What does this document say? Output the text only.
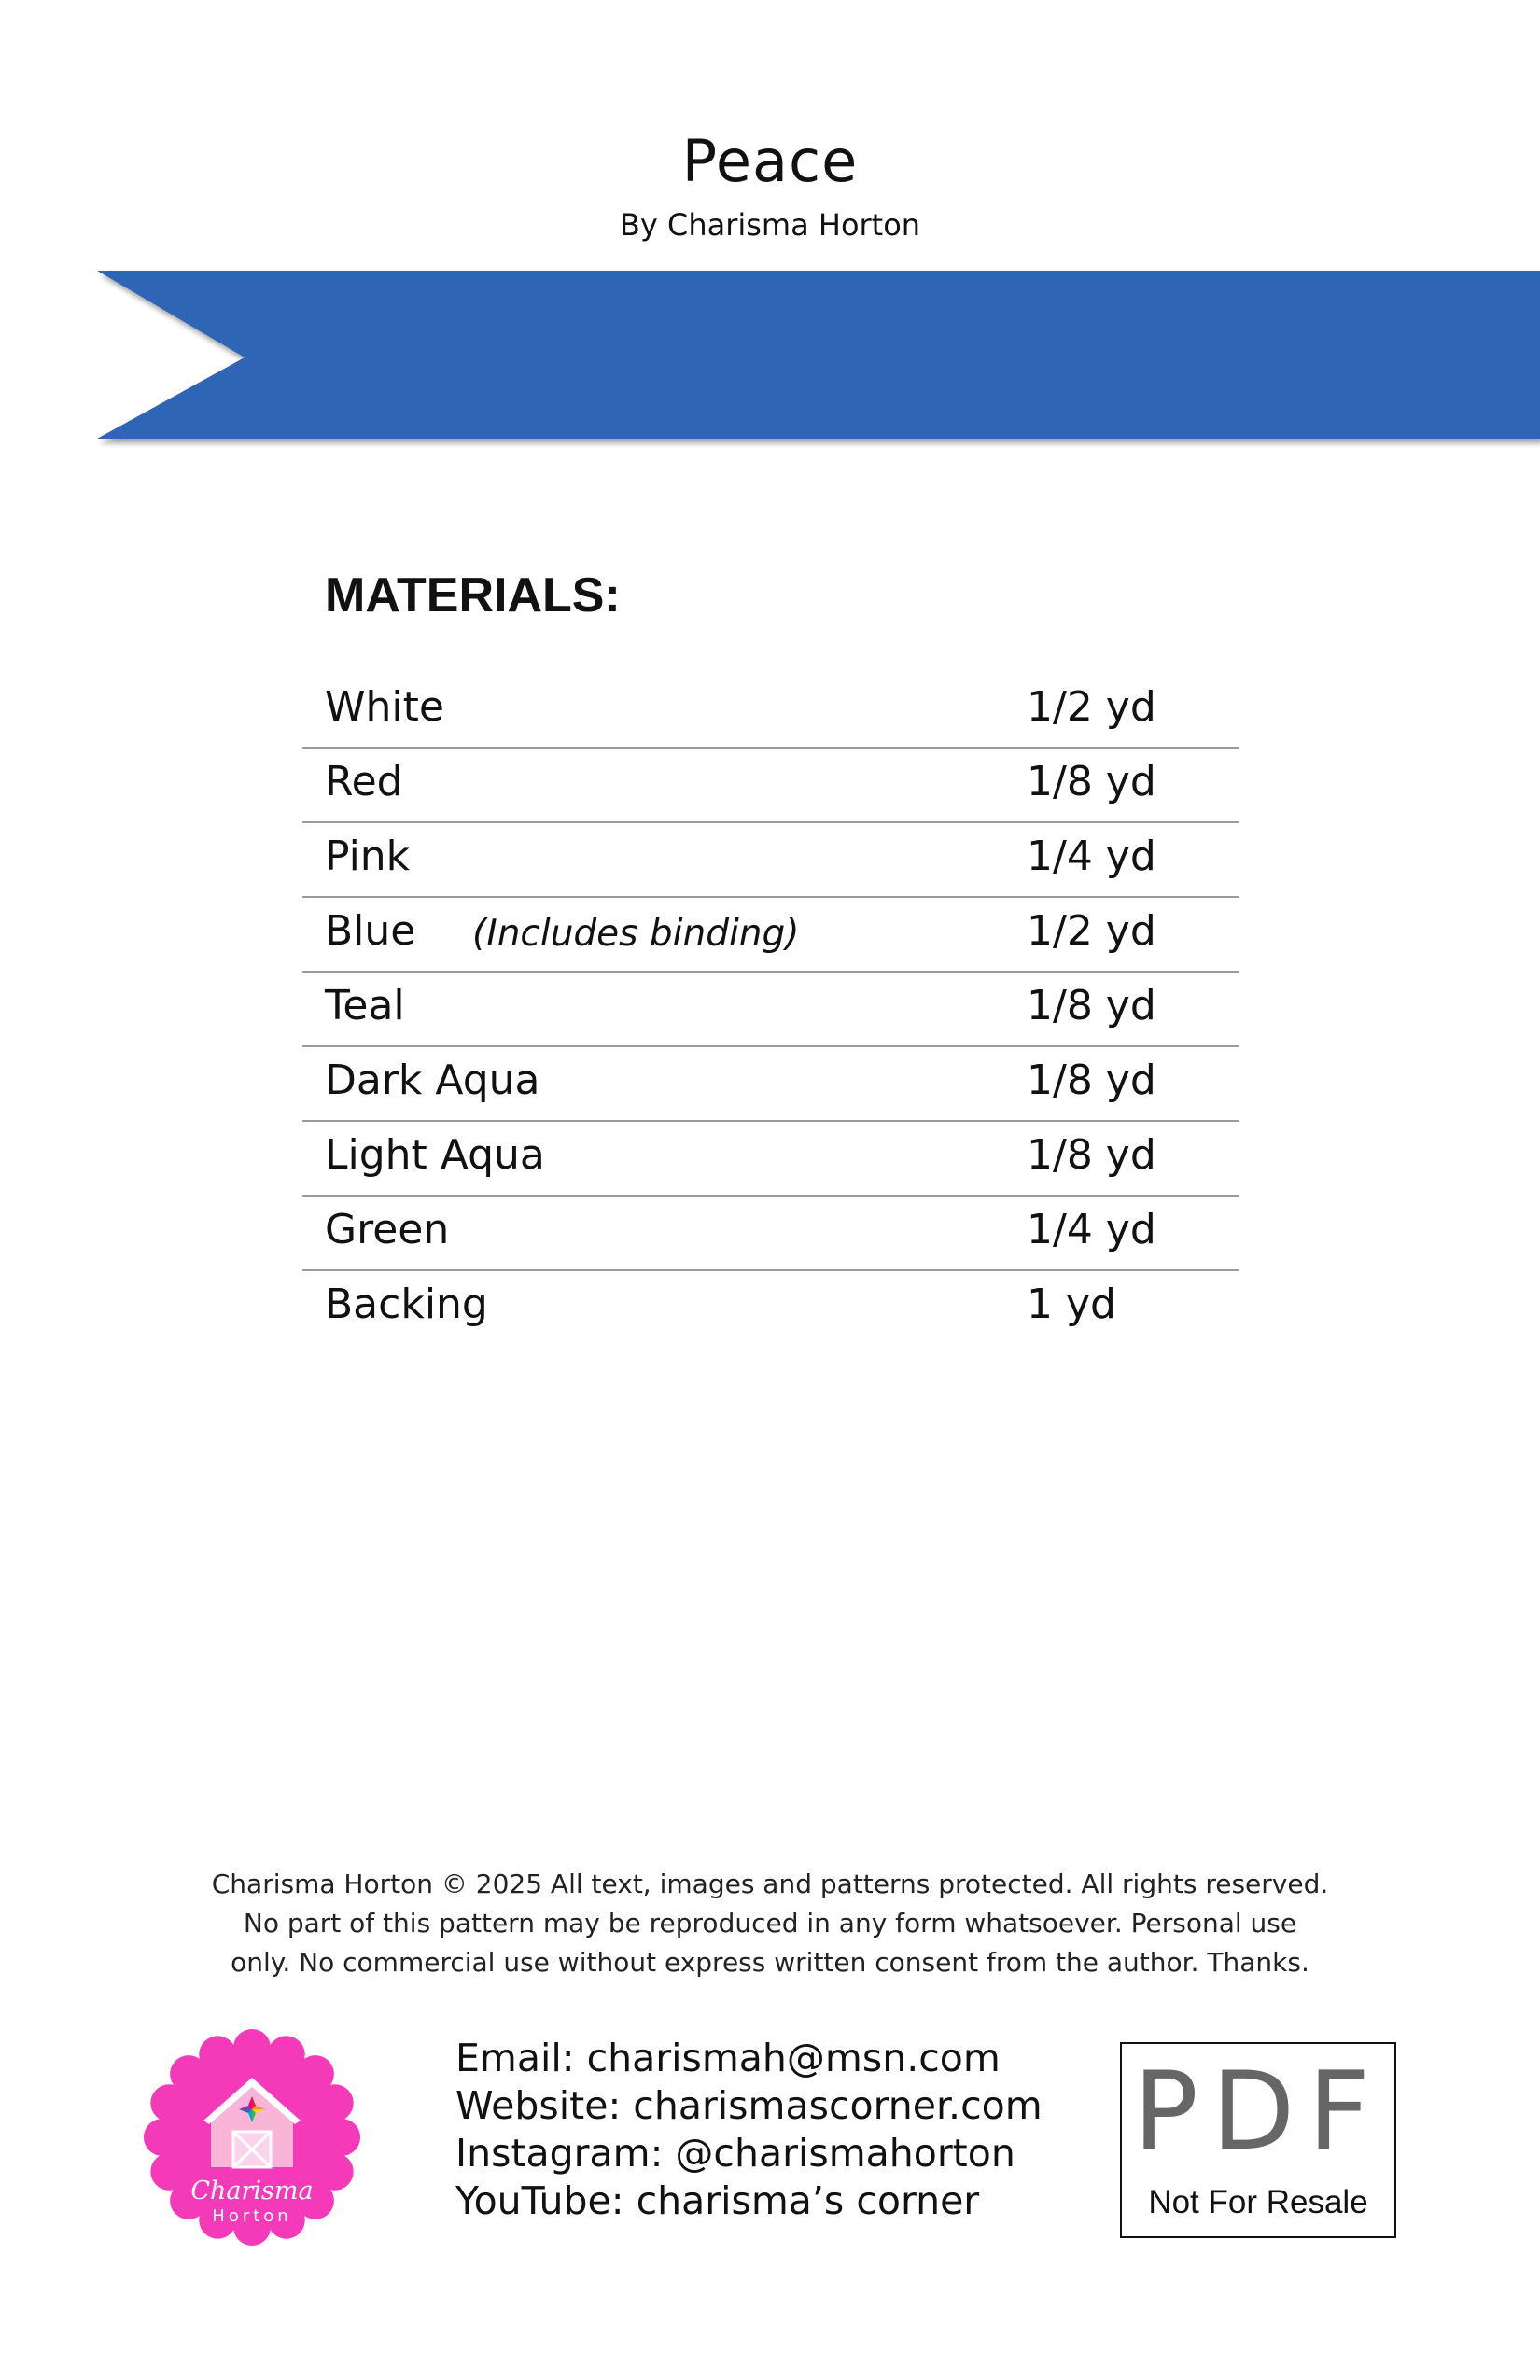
Peace
By Charisma Horton
MATERIALS:
White	1/2 yd
Red	1/8 yd
Pink	1/4 yd
Blue (Includes binding)	1/2 yd
Teal	1/8 yd
Dark Aqua	1/8 yd
Light Aqua	1/8 yd
Green	1/4 yd
Backing	1 yd
Charisma Horton © 2025 All text, images and patterns protected. All rights reserved.
No part of this pattern may be reproduced in any form whatsoever. Personal use
only. No commercial use without express written consent from the author. Thanks.
Charisma
Horton
Email: charismah@msn.com
Website: charismascorner.com
Instagram: @charismahorton
YouTube: charisma’s corner
PDF
Not For Resale
